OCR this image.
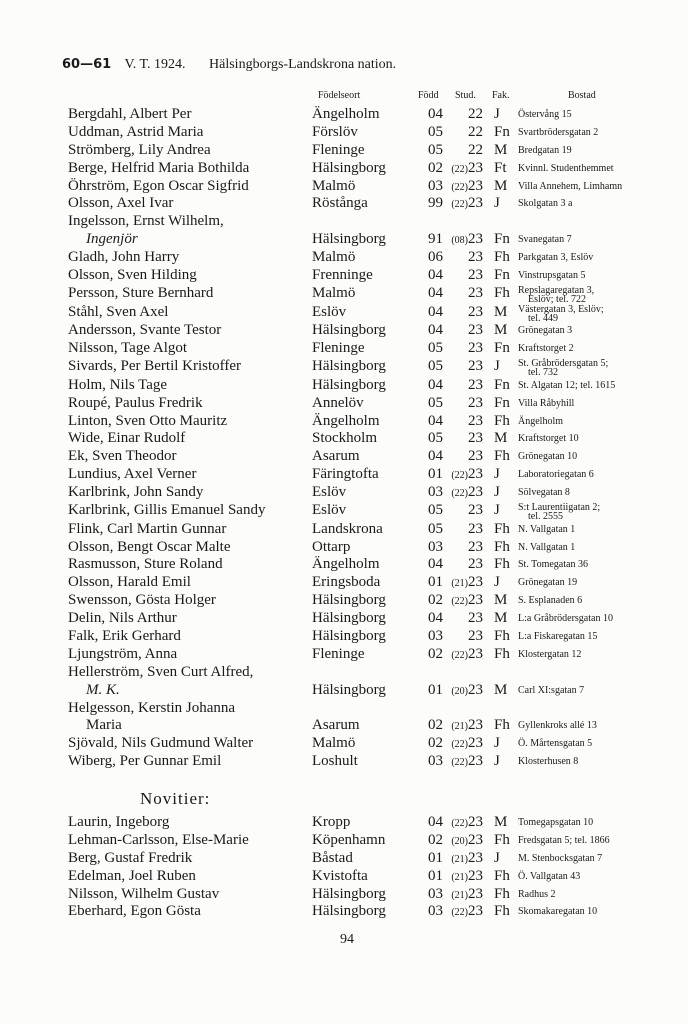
60—61 V. T. 1924. Hälsingborgs-Landskrona nation.
Födelseort	Född Stud. Fak.	Bostad
Bergdahl, Albert Per	Ängelholm	04	22 J Östervång 15
Uddman, Astrid Maria	Förslöv	05	22 Fn Svartbrödersgatan 2
Strömberg, Lily Andrea	Fleninge	05	22 M Bredgatan 19
Berge, Helfrid Maria Bothilda	Hälsingborg	02 (22)23 Ft Kvinnl. Studenthemmet
Öhrström, Egon Oscar Sigfrid	Malmö	03 (22)23 M Villa Annehem, Limhamn
Olsson, Axel Ivar	Röstånga	99 (22)23 J Skolgatan 3 a
Ingelsson, Ernst Wilhelm,
Ingenjör	Hälsingborg	91 (08)23 Fn Svanegatan 7
Gladh, John Harry	Malmö	06	23 Fh Parkgatan 3, Eslöv
Olsson, Sven Hilding	Frenninge	04	23 Fn Vinstrupsgatan 5
Persson, Sture Bernhard	Malmö	04	23 Fh Repslagaregatan 3,
Eslöv; tel. 722
Ståhl, Sven Axel	Eslöv	04	23 M Västergatan 3, Eslöv;
tel. 449
Andersson, Svante Testor	Hälsingborg	04	23 M Grönegatan 3
Nilsson, Tage Algot	Fleninge	05	23 Fn Kraftstorget 2
Sivards, Per Bertil Kristoffer	Hälsingborg	05	23 J St. Gråbrödersgatan 5;
tel. 732
Holm, Nils Tage	Hälsingborg	04	23 Fn St. Algatan 12; tel. 1615
Roupé, Paulus Fredrik	Annelöv	05	23 Fn Villa Råbyhill
Linton, Sven Otto Mauritz	Ängelholm	04	23 Fh Ängelholm
Wide, Einar Rudolf	Stockholm	05	23 M Kraftstorget 10
Ek, Sven Theodor	Asarum	04	23 Fh Grönegatan 10
Lundius, Axel Verner	Färingtofta	01 (22)23 J Laboratoriegatan 6
Karlbrink, John Sandy	Eslöv	03 (22)23 J Sölvegatan 8
Karlbrink, Gillis Emanuel Sandy	Eslöv	05	23 J S:t Laurentiigatan 2;
tel. 2555
Flink, Carl Martin Gunnar	Landskrona	05	23 Fh N. Vallgatan 1
Olsson, Bengt Oscar Malte	Ottarp	03	23 Fh N. Vallgatan 1
Rasmusson, Sture Roland	Ängelholm	04	23 Fh St. Tomegatan 36
Olsson, Harald Emil	Eringsboda	01 (21)23 J Grönegatan 19
Swensson, Gösta Holger	Hälsingborg	02 (22)23 M S. Esplanaden 6
Delin, Nils Arthur	Hälsingborg	04	23 M L:a Gråbrödersgatan 10
Falk, Erik Gerhard	Hälsingborg	03	23 Fh L:a Fiskaregatan 15
Ljungström, Anna	Fleninge	02 (22)23 Fh Klostergatan 12
Hellerström, Sven Curt Alfred,
M. K.	Hälsingborg	01 (20)23 M Carl XI:sgatan 7
Helgesson, Kerstin Johanna
Maria	Asarum	02 (21)23 Fh Gyllenkroks allé 13
Sjövald, Nils Gudmund Walter	Malmö	02 (22)23 J Ö. Mårtensgatan 5
Wiberg, Per Gunnar Emil	Loshult	03 (22)23 J Klosterhusen 8
Novitier:
Laurin, Ingeborg	Kropp	04 (22)23 M Tomegapsgatan 10
Lehman-Carlsson, Else-Marie	Köpenhamn	02 (20)23 Fh Fredsgatan 5; tel. 1866
Berg, Gustaf Fredrik	Båstad	01 (21)23 J M. Stenbocksgatan 7
Edelman, Joel Ruben	Kvistofta	01 (21)23 Fh Ö. Vallgatan 43
Nilsson, Wilhelm Gustav	Hälsingborg	03 (21)23 Fh Radhus 2
Eberhard, Egon Gösta	Hälsingborg	03 (22)23 Fh Skomakaregatan 10
94
